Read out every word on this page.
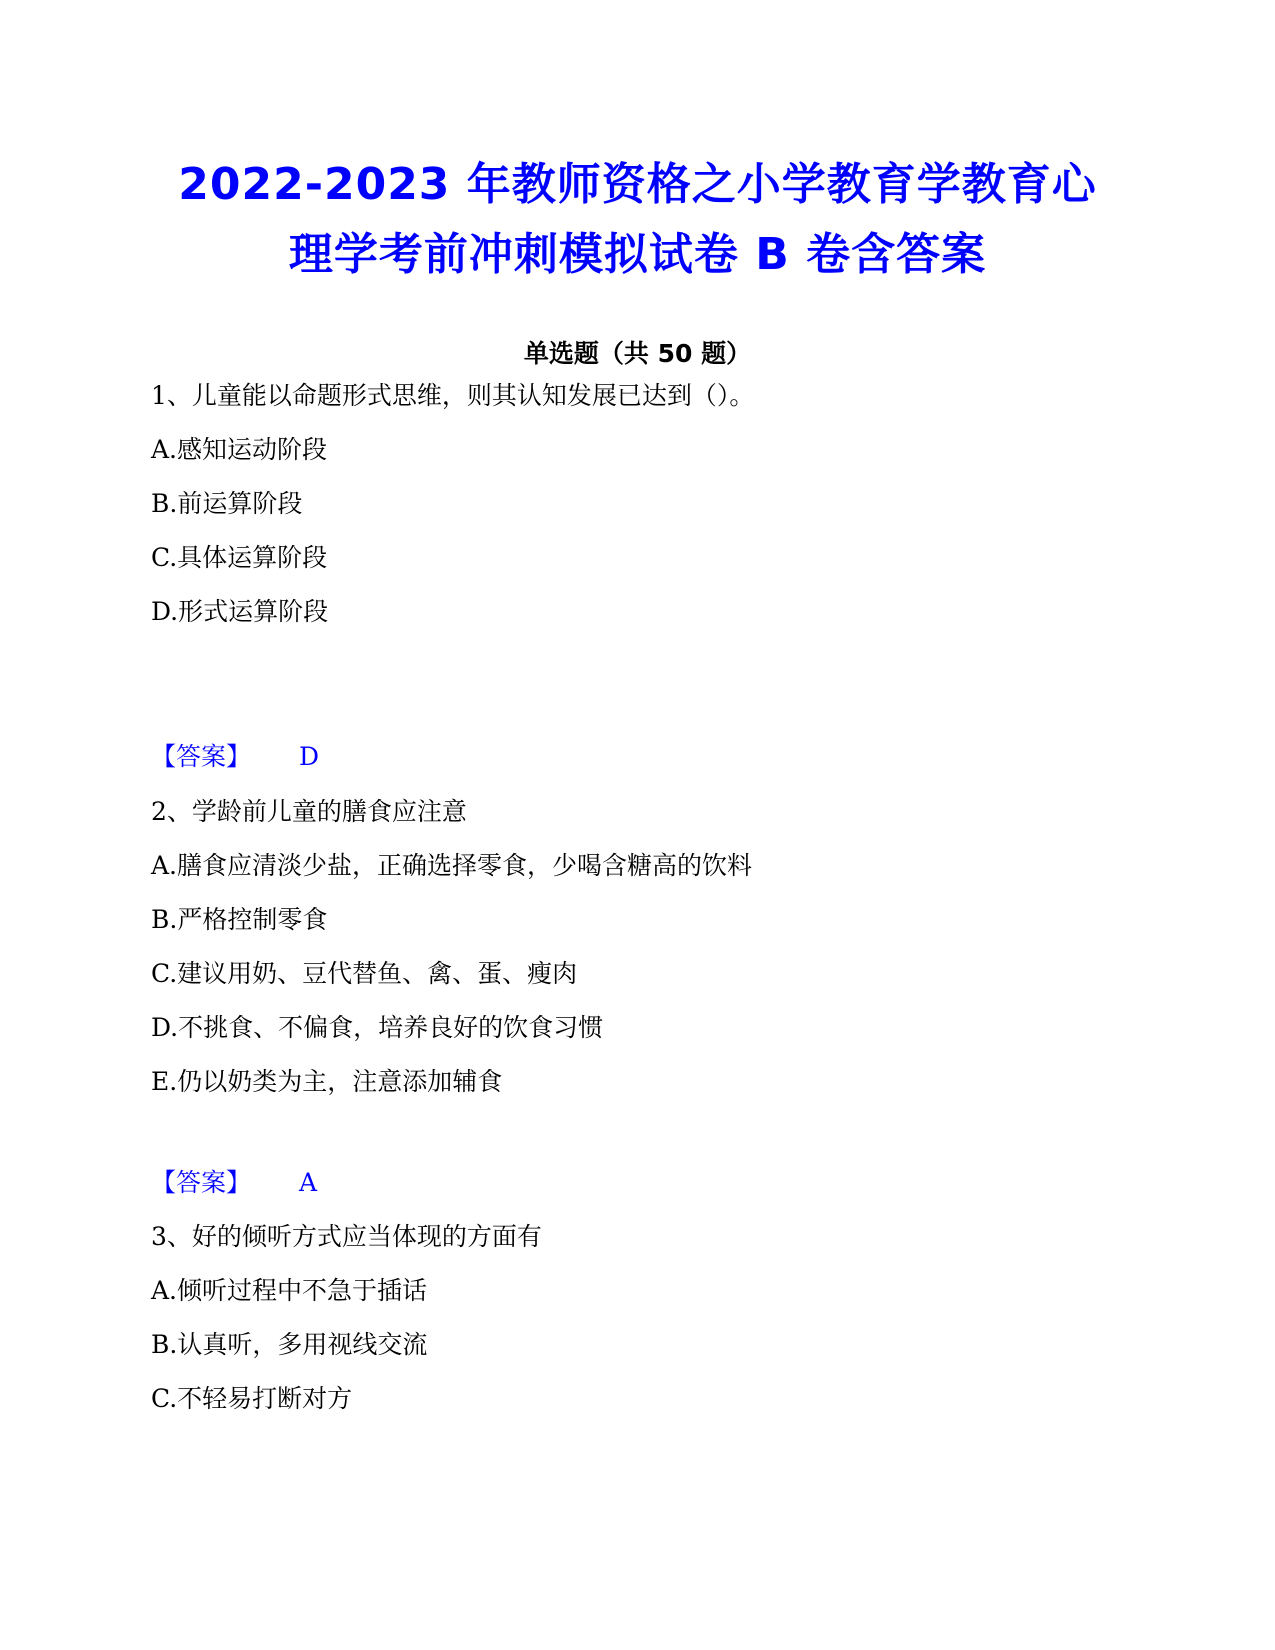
2022-2023 年教师资格之小学教育学教育心
理学考前冲刺模拟试卷 B 卷含答案
单选题（共 50 题）
1、儿童能以命题形式思维，则其认知发展已达到（）。
A.感知运动阶段
B.前运算阶段
C.具体运算阶段
D.形式运算阶段
【答案】 D
2、学龄前儿童的膳食应注意
A.膳食应清淡少盐，正确选择零食，少喝含糖高的饮料
B.严格控制零食
C.建议用奶、豆代替鱼、禽、蛋、瘦肉
D.不挑食、不偏食，培养良好的饮食习惯
E.仍以奶类为主，注意添加辅食
【答案】 A
3、好的倾听方式应当体现的方面有
A.倾听过程中不急于插话
B.认真听，多用视线交流
C.不轻易打断对方
